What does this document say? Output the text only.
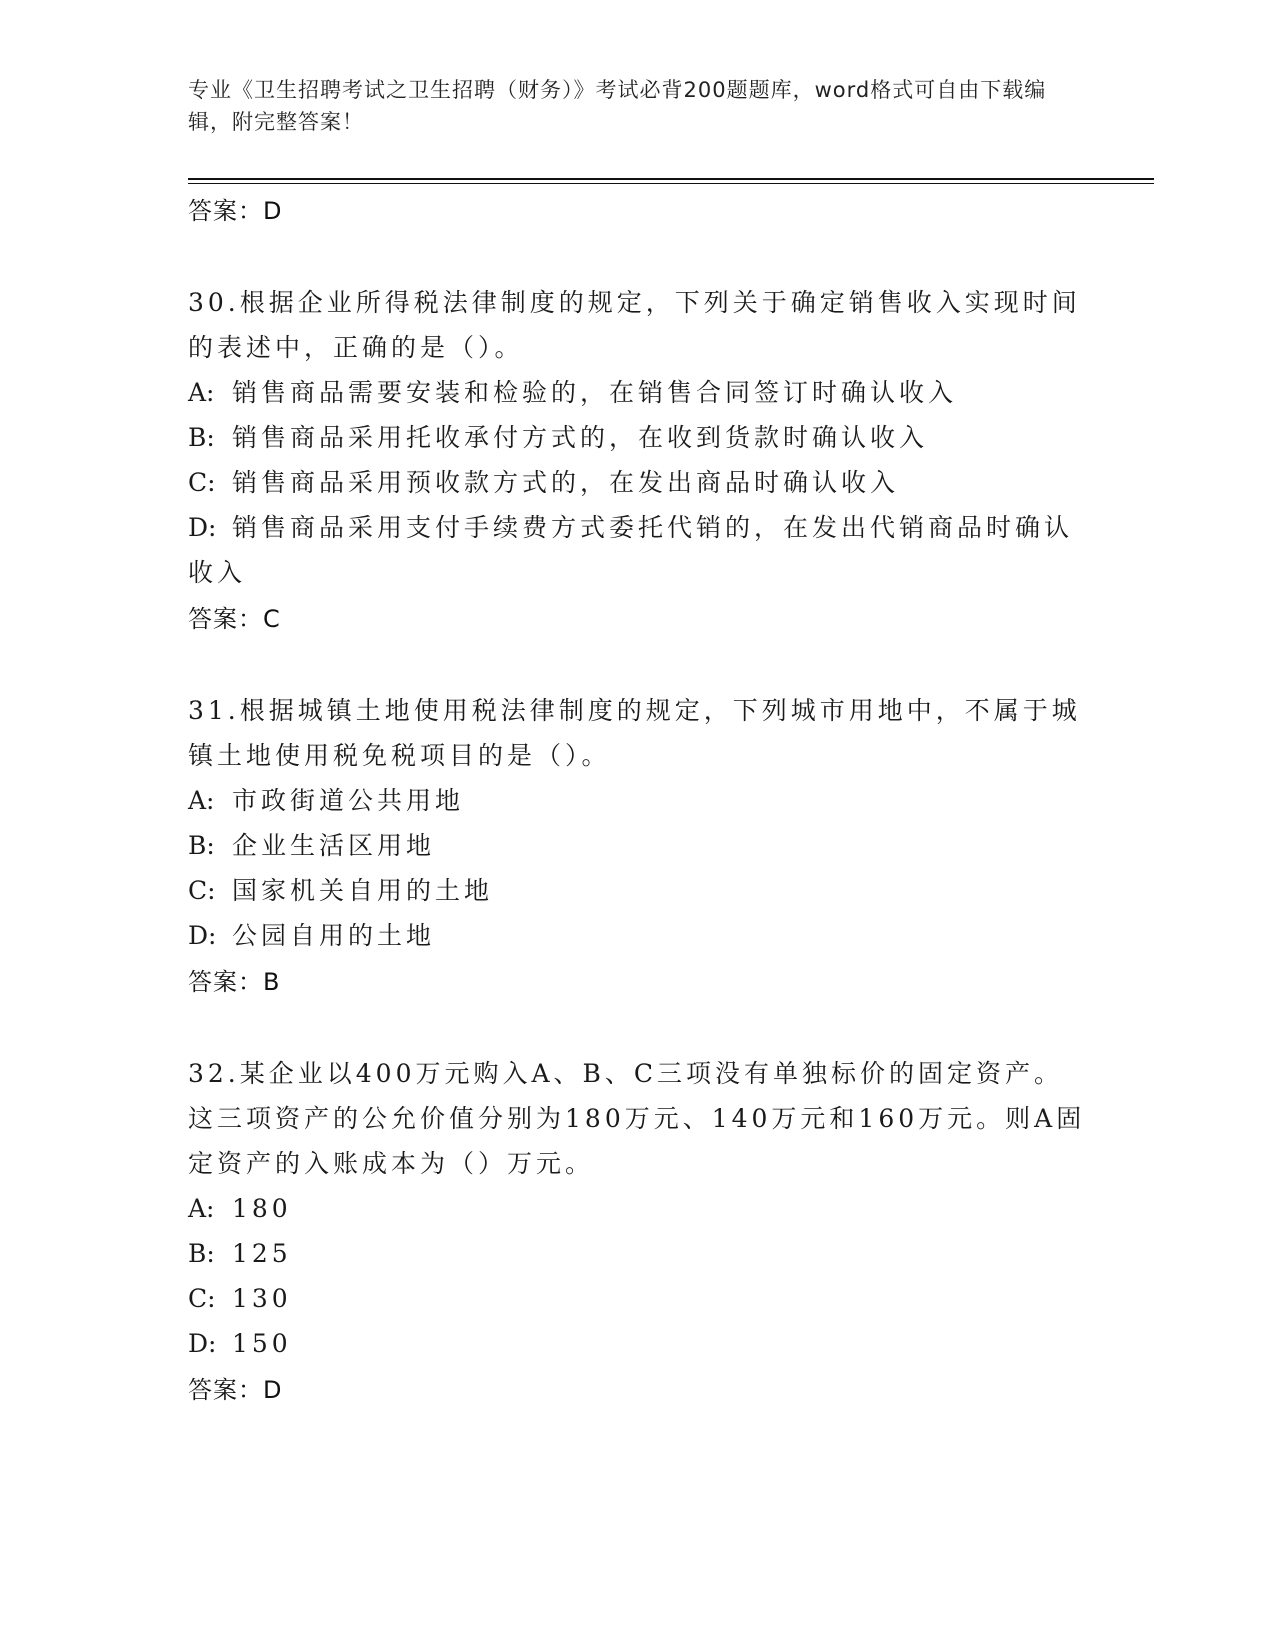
专业《卫生招聘考试之卫生招聘（财务）》考试必背200题题库，word格式可自由下载编辑，附完整答案！
答案：D
30.根据企业所得税法律制度的规定，下列关于确定销售收入实现时间的表述中，正确的是（）。
A: 销售商品需要安装和检验的，在销售合同签订时确认收入
B: 销售商品采用托收承付方式的，在收到货款时确认收入
C: 销售商品采用预收款方式的，在发出商品时确认收入
D: 销售商品采用支付手续费方式委托代销的，在发出代销商品时确认收入
答案：C
31.根据城镇土地使用税法律制度的规定，下列城市用地中，不属于城镇土地使用税免税项目的是（）。
A: 市政街道公共用地
B: 企业生活区用地
C: 国家机关自用的土地
D: 公园自用的土地
答案：B
32.某企业以400万元购入A、B、C三项没有单独标价的固定资产。这三项资产的公允价值分别为180万元、140万元和160万元。则A固定资产的入账成本为（）万元。
A: 180
B: 125
C: 130
D: 150
答案：D
